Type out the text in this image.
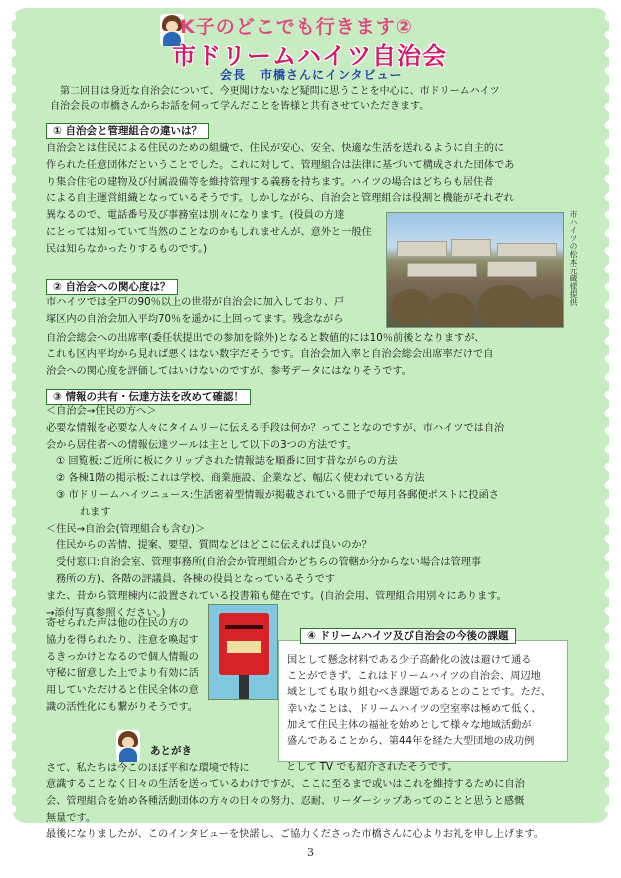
K子のどこでも行きます②
市ドリームハイツ自治会
会長 市橋さんにインタビュー
第二回目は身近な自治会について、今更聞けないなど疑問に思うことを中心に、市ドリームハイツ
自治会長の市橋さんからお話を伺って学んだことを皆様と共有させていただきます。
① 自治会と管理組合の違いは？
自治会とは住民による住民のための組織で、住民が安心、安全、快適な生活を送れるように自主的に
作られた任意団体だということでした。これに対して、管理組合は法律に基づいて構成された団体であ
り集合住宅の建物及び付属設備等を維持管理する義務を持ちます。ハイツの場合はどちらも居住者
による自主運営組織となっているそうです。しかしながら、自治会と管理組合は役割と機能がそれぞれ
異なるので、電話番号及び事務室は別々になります。(役員の方達
にとっては知っていて当然のことなのかもしれませんが、意外と一般住
民は知らなかったりするものです。)	市ハイツの松本元蔵様提供
② 自治会への関心度は？
市ハイツでは全戸の90％以上の世帯が自治会に加入しており、戸
塚区内の自治会加入平均70％を遥かに上回ってます。残念ながら
自治会総会への出席率(委任状提出での参加を除外)となると数値的には10％前後となりますが、
これも区内平均から見れば悪くはない数字だそうです。自治会加入率と自治会総会出席率だけで自
治会への関心度を評価してはいけないのですが、参考データにはなりそうです。
③ 情報の共有・伝達方法を改めて確認！
＜自治会→住民の方へ＞
必要な情報を必要な人々にタイムリーに伝える手段は何か？ってことなのですが、市ハイツでは自治
会から居住者への情報伝達ツールは主として以下の3つの方法です。
① 回覧板:ご近所に板にクリップされた情報誌を順番に回す昔ながらの方法
② 各棟1階の掲示板:これは学校、商業施設、企業など、幅広く使われている方法
③ 市ドリームハイツニュース:生活密着型情報が掲載されている冊子で毎月各郵便ポストに投函さ
れます
＜住民→自治会(管理組合も含む)＞
住民からの苦情、提案、要望、質問などはどこに伝えれば良いのか？
受付窓口:自治会室、管理事務所(自治会か管理組合かどちらの管轄か分からない場合は管理事
務所の方)、各階の評議員、各棟の役員となっているそうです
また、昔から管理棟内に設置されている投書箱も健在です。(自治会用、管理組合用別々にあります。
→添付写真参照ください。)
寄せられた声は他の住民の方の
協力を得られたり、注意を喚起す
るきっかけとなるので個人情報の
守秘に留意した上でより有効に活
用していただけると住民全体の意
識の活性化にも繋がりそうです。
④ ドリームハイツ及び自治会の今後の課題
国として懸念材料である少子高齢化の波は避けて通る
ことができず、これはドリームハイツの自治会、周辺地
域としても取り組むべき課題であるとのことです。ただ、
幸いなことは、ドリームハイツの空室率は極めて低く、
加えて住民主体の福祉を始めとして様々な地域活動が
盛んであることから、第44年を経た大型団地の成功例
として TV でも紹介されたそうです。
あとがき
さて、私たちは今このほぼ平和な環境で特に
意識することなく日々の生活を送っているわけですが、ここに至るまで或いはこれを維持するために自治
会、管理組合を始め各種活動団体の方々の日々の努力、忍耐、リーダーシップあってのことと思うと感慨
無量です。
最後になりましたが、このインタビューを快諾し、ご協力くださった市橋さんに心よりお礼を申し上げます。
3
